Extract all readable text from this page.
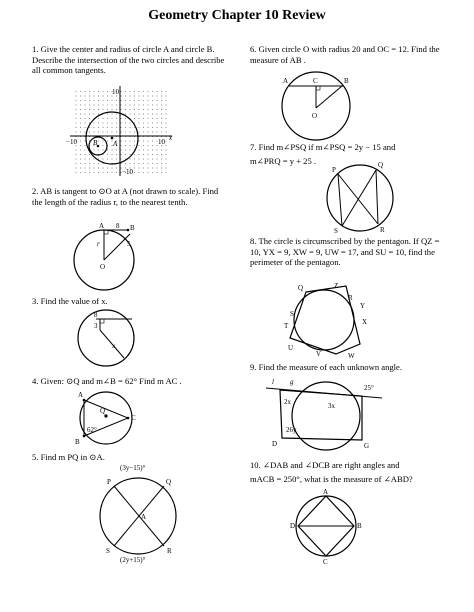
Geometry Chapter 10 Review
1. Give the center and radius of circle A and circle B. Describe the intersection of the two circles and describe all common tangents.
2. AB is tangent to ⊙O at A (not drawn to scale). Find the length of the radius r, to the nearest tenth.
3. Find the value of x.
4. Given: ⊙Q and m∠B = 62° Find m AC .
5. Find m PQ in ⊙A.
6. Given circle O with radius 20 and OC = 12. Find the measure of AB .
7. Find m∠PSQ if m∠PSQ = 2y − 15 and
m∠PRQ = y + 25 .
8. The circle is circumscribed by the pentagon. If QZ = 10, YX = 9, XW = 9, UW = 17, and SU = 10, find the perimeter of the pentagon.
9. Find the measure of each unknown angle.
10. ∠DAB and ∠DCB are right angles and
mACB = 250°, what is the measure of ∠ABD?
10
−10	10 x
−10
A
B
A	B
r
O
8
5
8
3
x
A
Q
C
B
62°
(3y−15)°
(2y+15)°
P	Q
A
R
S
A	C	B
O
P
Q
R
S
Z
R
Y
S
Q
X
T
U
V	W
l g
25°
3x
2x
26y
D	G
A
D	B
C
